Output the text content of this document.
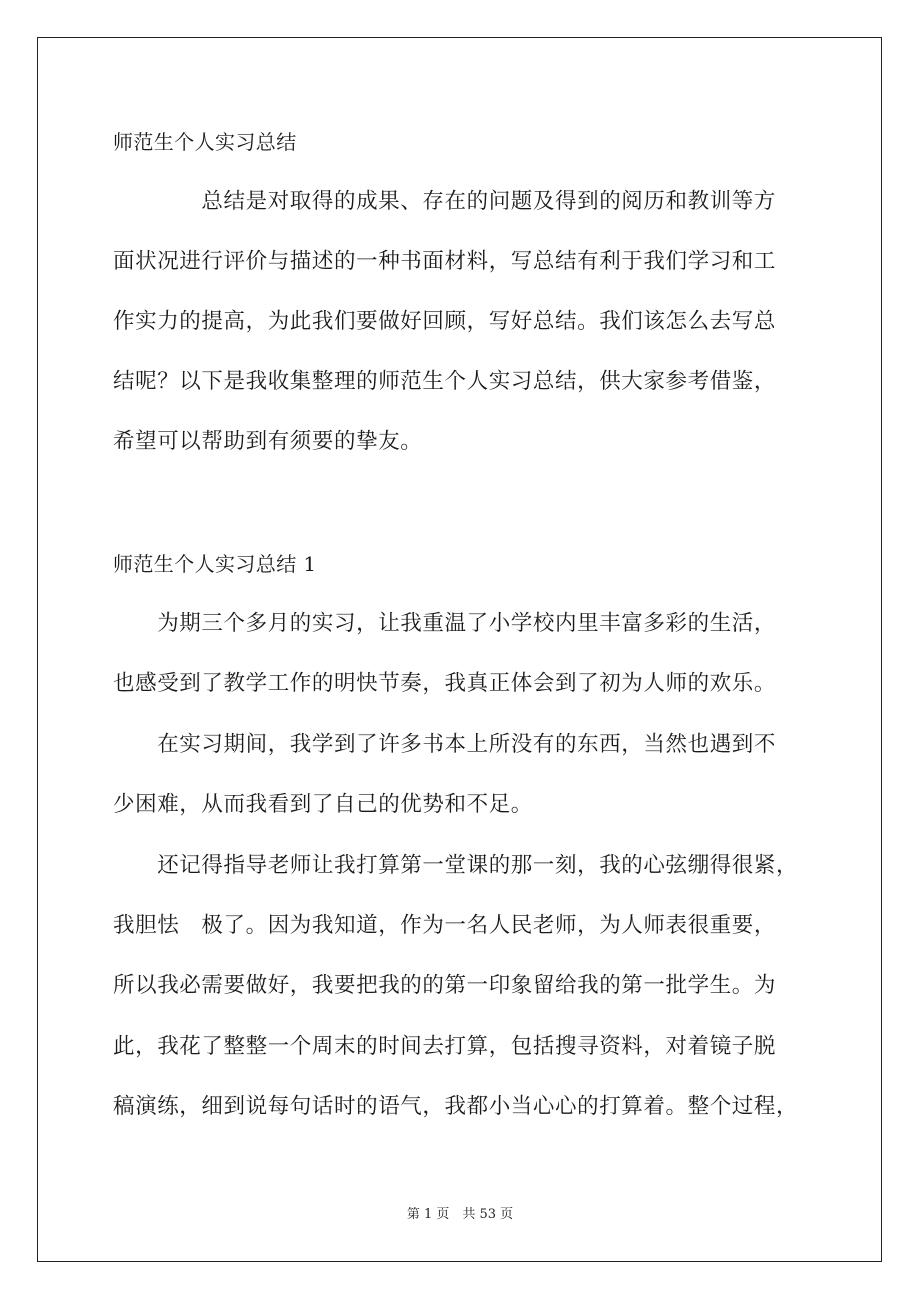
师范生个人实习总结
　　　　总结是对取得的成果、存在的问题及得到的阅历和教训等方
面状况进行评价与描述的一种书面材料，写总结有利于我们学习和工
作实力的提高，为此我们要做好回顾，写好总结。我们该怎么去写总
结呢？以下是我收集整理的师范生个人实习总结，供大家参考借鉴，
希望可以帮助到有须要的挚友。
师范生个人实习总结 1
　　为期三个多月的实习，让我重温了小学校内里丰富多彩的生活，
也感受到了教学工作的明快节奏，我真正体会到了初为人师的欢乐。
　　在实习期间，我学到了许多书本上所没有的东西，当然也遇到不
少困难，从而我看到了自己的优势和不足。
　　还记得指导老师让我打算第一堂课的那一刻，我的心弦绷得很紧，
我胆怯　极了。因为我知道，作为一名人民老师，为人师表很重要，
所以我必需要做好，我要把我的的第一印象留给我的第一批学生。为
此，我花了整整一个周末的时间去打算，包括搜寻资料，对着镜子脱
稿演练，细到说每句话时的语气，我都小当心心的打算着。整个过程，
第 1 页　共 53 页
